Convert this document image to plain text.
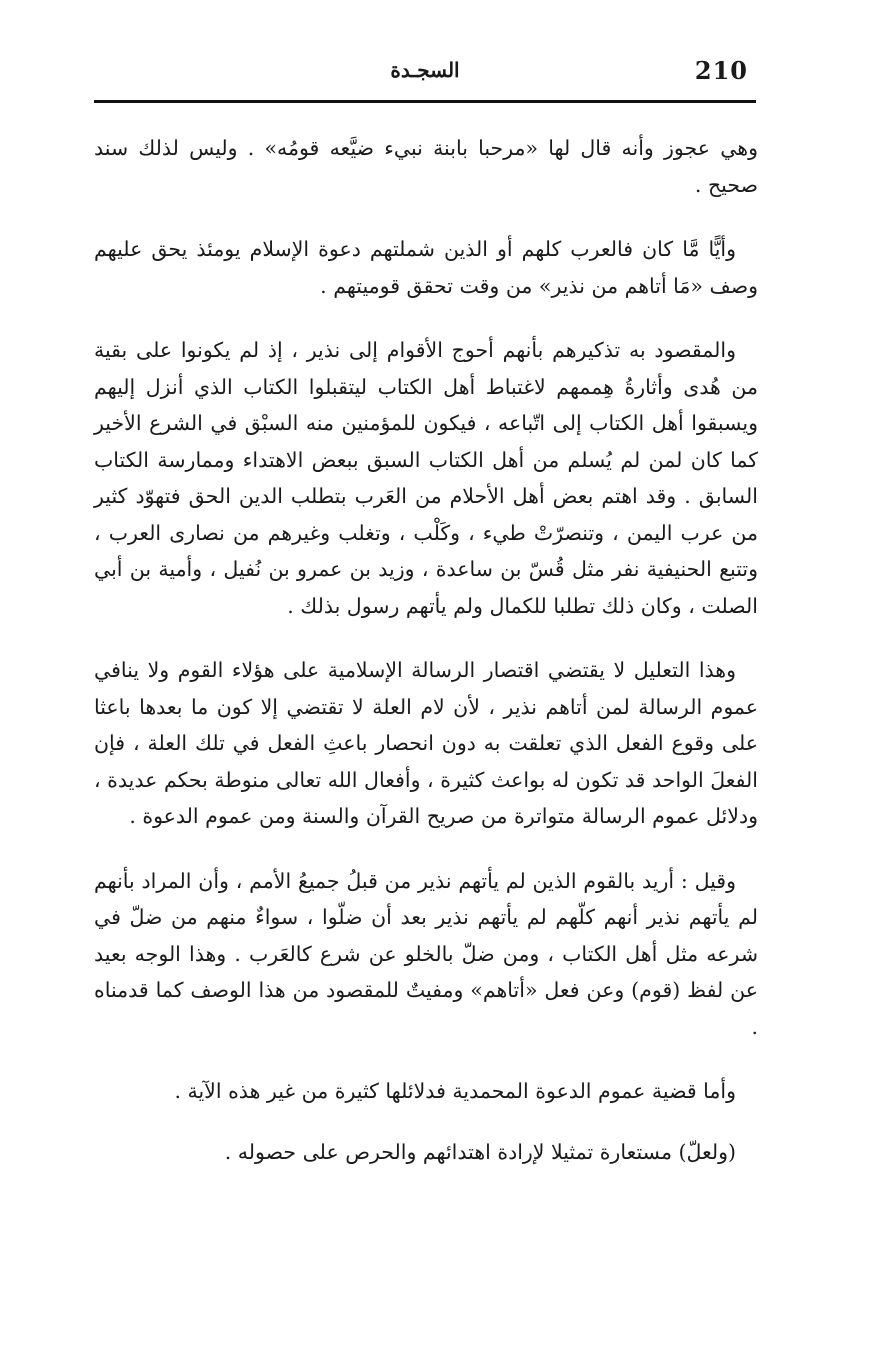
السجـدة	210

وهي عجوز وأنه قال لها «مرحبا بابنة نبيء ضيَّعه قومُه» . وليس لذلك سند صحيح .

وأيًّا مَّا كان فالعرب كلهم أو الذين شملتهم دعوة الإسلام يومئذ يحق عليهم وصف «مَا أتاهم من نذير» من وقت تحقق قوميتهم .

والمقصود به تذكيرهم بأنهم أحوج الأقوام إلى نذير ، إذ لم يكونوا على بقية من هُدى وأثارةُ هِممهم لاغتباط أهل الكتاب ليتقبلوا الكتاب الذي أنزل إليهم ويسبقوا أهل الكتاب إلى اتّباعه ، فيكون للمؤمنين منه السبْق في الشرع الأخير كما كان لمن لم يُسلم من أهل الكتاب السبق ببعض الاهتداء وممارسة الكتاب السابق . وقد اهتم بعض أهل الأحلام من العَرب بتطلب الدين الحق فتهوّد كثير من عرب اليمن ، وتنصرّتْ طيء ، وكَلْب ، وتغلب وغيرهم من نصارى العرب ، وتتبع الحنيفية نفر مثل قُسّ بن ساعدة ، وزيد بن عمرو بن نُفيل ، وأمية بن أبي الصلت ، وكان ذلك تطلبا للكمال ولم يأتهم رسول بذلك .

وهذا التعليل لا يقتضي اقتصار الرسالة الإسلامية على هؤلاء القوم ولا ينافي عموم الرسالة لمن أتاهم نذير ، لأن لام العلة لا تقتضي إلا كون ما بعدها باعثا على وقوع الفعل الذي تعلقت به دون انحصار باعثِ الفعل في تلك العلة ، فإن الفعلَ الواحد قد تكون له بواعث كثيرة ، وأفعال الله تعالى منوطة بحكم عديدة ، ودلائل عموم الرسالة متواترة من صريح القرآن والسنة ومن عموم الدعوة .

وقيل : أريد بالقوم الذين لم يأتهم نذير من قبلُ جميعُ الأمم ، وأن المراد بأنهم لم يأتهم نذير أنهم كلّهم لم يأتهم نذير بعد أن ضلّوا ، سواءٌ منهم من ضلّ في شرعه مثل أهل الكتاب ، ومن ضلّ بالخلو عن شرع كالعَرب . وهذا الوجه بعيد عن لفظ (قوم) وعن فعل «أتاهم» ومفيتٌ للمقصود من هذا الوصف كما قدمناه .

وأما قضية عموم الدعوة المحمدية فدلائلها كثيرة من غير هذه الآية .

(ولعلّ) مستعارة تمثيلا لإرادة اهتدائهم والحرص على حصوله .
